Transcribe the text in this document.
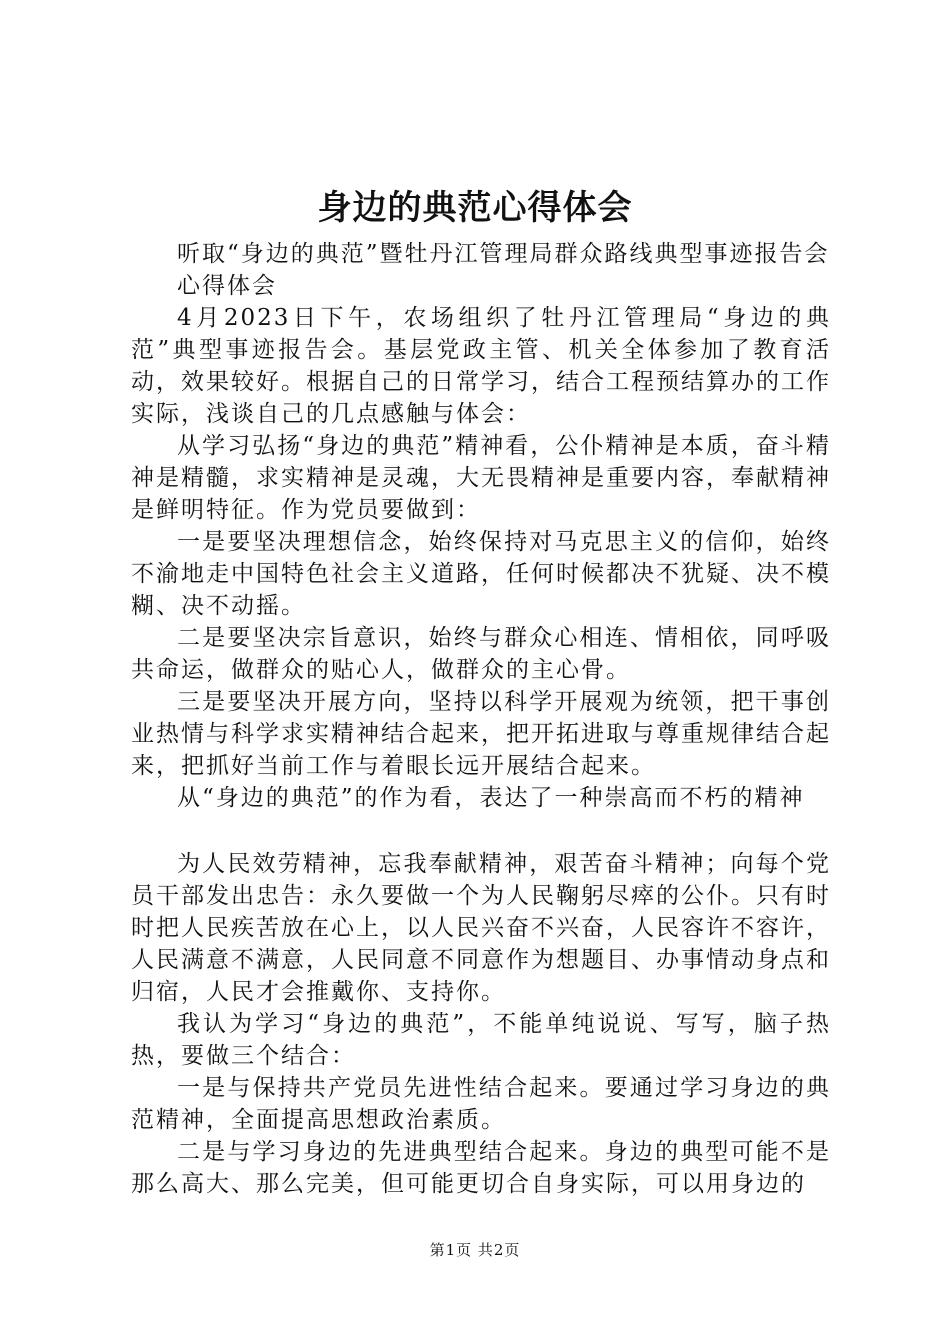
身边的典范心得体会

听取“身边的典范”暨牡丹江管理局群众路线典型事迹报告会

心得体会

4月2023日下午，农场组织了牡丹江管理局“身边的典范”典型事迹报告会。基层党政主管、机关全体参加了教育活动，效果较好。根据自己的日常学习，结合工程预结算办的工作实际，浅谈自己的几点感触与体会：

从学习弘扬“身边的典范”精神看，公仆精神是本质，奋斗精神是精髓，求实精神是灵魂，大无畏精神是重要内容，奉献精神是鲜明特征。作为党员要做到：

一是要坚决理想信念，始终保持对马克思主义的信仰，始终不渝地走中国特色社会主义道路，任何时候都决不犹疑、决不模糊、决不动摇。

二是要坚决宗旨意识，始终与群众心相连、情相依，同呼吸共命运，做群众的贴心人，做群众的主心骨。

三是要坚决开展方向，坚持以科学开展观为统领，把干事创业热情与科学求实精神结合起来，把开拓进取与尊重规律结合起来，把抓好当前工作与着眼长远开展结合起来。

从“身边的典范”的作为看，表达了一种崇高而不朽的精神

为人民效劳精神，忘我奉献精神，艰苦奋斗精神；向每个党员干部发出忠告：永久要做一个为人民鞠躬尽瘁的公仆。只有时时把人民疾苦放在心上，以人民兴奋不兴奋，人民容许不容许，人民满意不满意，人民同意不同意作为想题目、办事情动身点和归宿，人民才会推戴你、支持你。

我认为学习“身边的典范”，不能单纯说说、写写，脑子热热，要做三个结合：

一是与保持共产党员先进性结合起来。要通过学习身边的典范精神，全面提高思想政治素质。

二是与学习身边的先进典型结合起来。身边的典型可能不是那么高大、那么完美，但可能更切合自身实际，可以用身边的

第1页 共2页
